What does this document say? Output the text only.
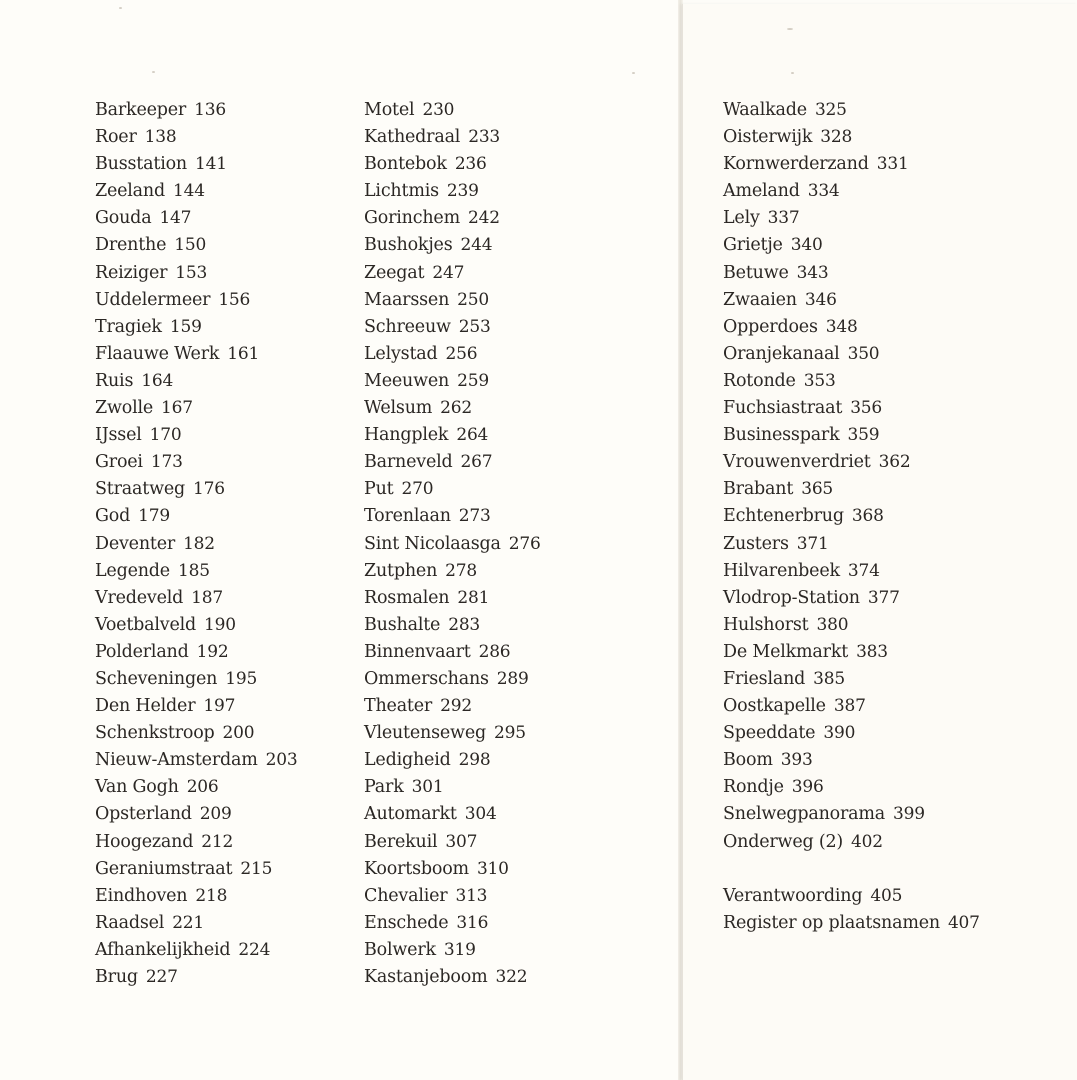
Barkeeper 136
Roer 138
Busstation 141
Zeeland 144
Gouda 147
Drenthe 150
Reiziger 153
Uddelermeer 156
Tragiek 159
Flaauwe Werk 161
Ruis 164
Zwolle 167
IJssel 170
Groei 173
Straatweg 176
God 179
Deventer 182
Legende 185
Vredeveld 187
Voetbalveld 190
Polderland 192
Scheveningen 195
Den Helder 197
Schenkstroop 200
Nieuw-Amsterdam 203
Van Gogh 206
Opsterland 209
Hoogezand 212
Geraniumstraat 215
Eindhoven 218
Raadsel 221
Afhankelijkheid 224
Brug 227
Motel 230
Kathedraal 233
Bontebok 236
Lichtmis 239
Gorinchem 242
Bushokjes 244
Zeegat 247
Maarssen 250
Schreeuw 253
Lelystad 256
Meeuwen 259
Welsum 262
Hangplek 264
Barneveld 267
Put 270
Torenlaan 273
Sint Nicolaasga 276
Zutphen 278
Rosmalen 281
Bushalte 283
Binnenvaart 286
Ommerschans 289
Theater 292
Vleutenseweg 295
Ledigheid 298
Park 301
Automarkt 304
Berekuil 307
Koortsboom 310
Chevalier 313
Enschede 316
Bolwerk 319
Kastanjeboom 322
Waalkade 325
Oisterwijk 328
Kornwerderzand 331
Ameland 334
Lely 337
Grietje 340
Betuwe 343
Zwaaien 346
Opperdoes 348
Oranjekanaal 350
Rotonde 353
Fuchsiastraat 356
Businesspark 359
Vrouwenverdriet 362
Brabant 365
Echtenerbrug 368
Zusters 371
Hilvarenbeek 374
Vlodrop-Station 377
Hulshorst 380
De Melkmarkt 383
Friesland 385
Oostkapelle 387
Speeddate 390
Boom 393
Rondje 396
Snelwegpanorama 399
Onderweg (2) 402
Verantwoording 405
Register op plaatsnamen 407
